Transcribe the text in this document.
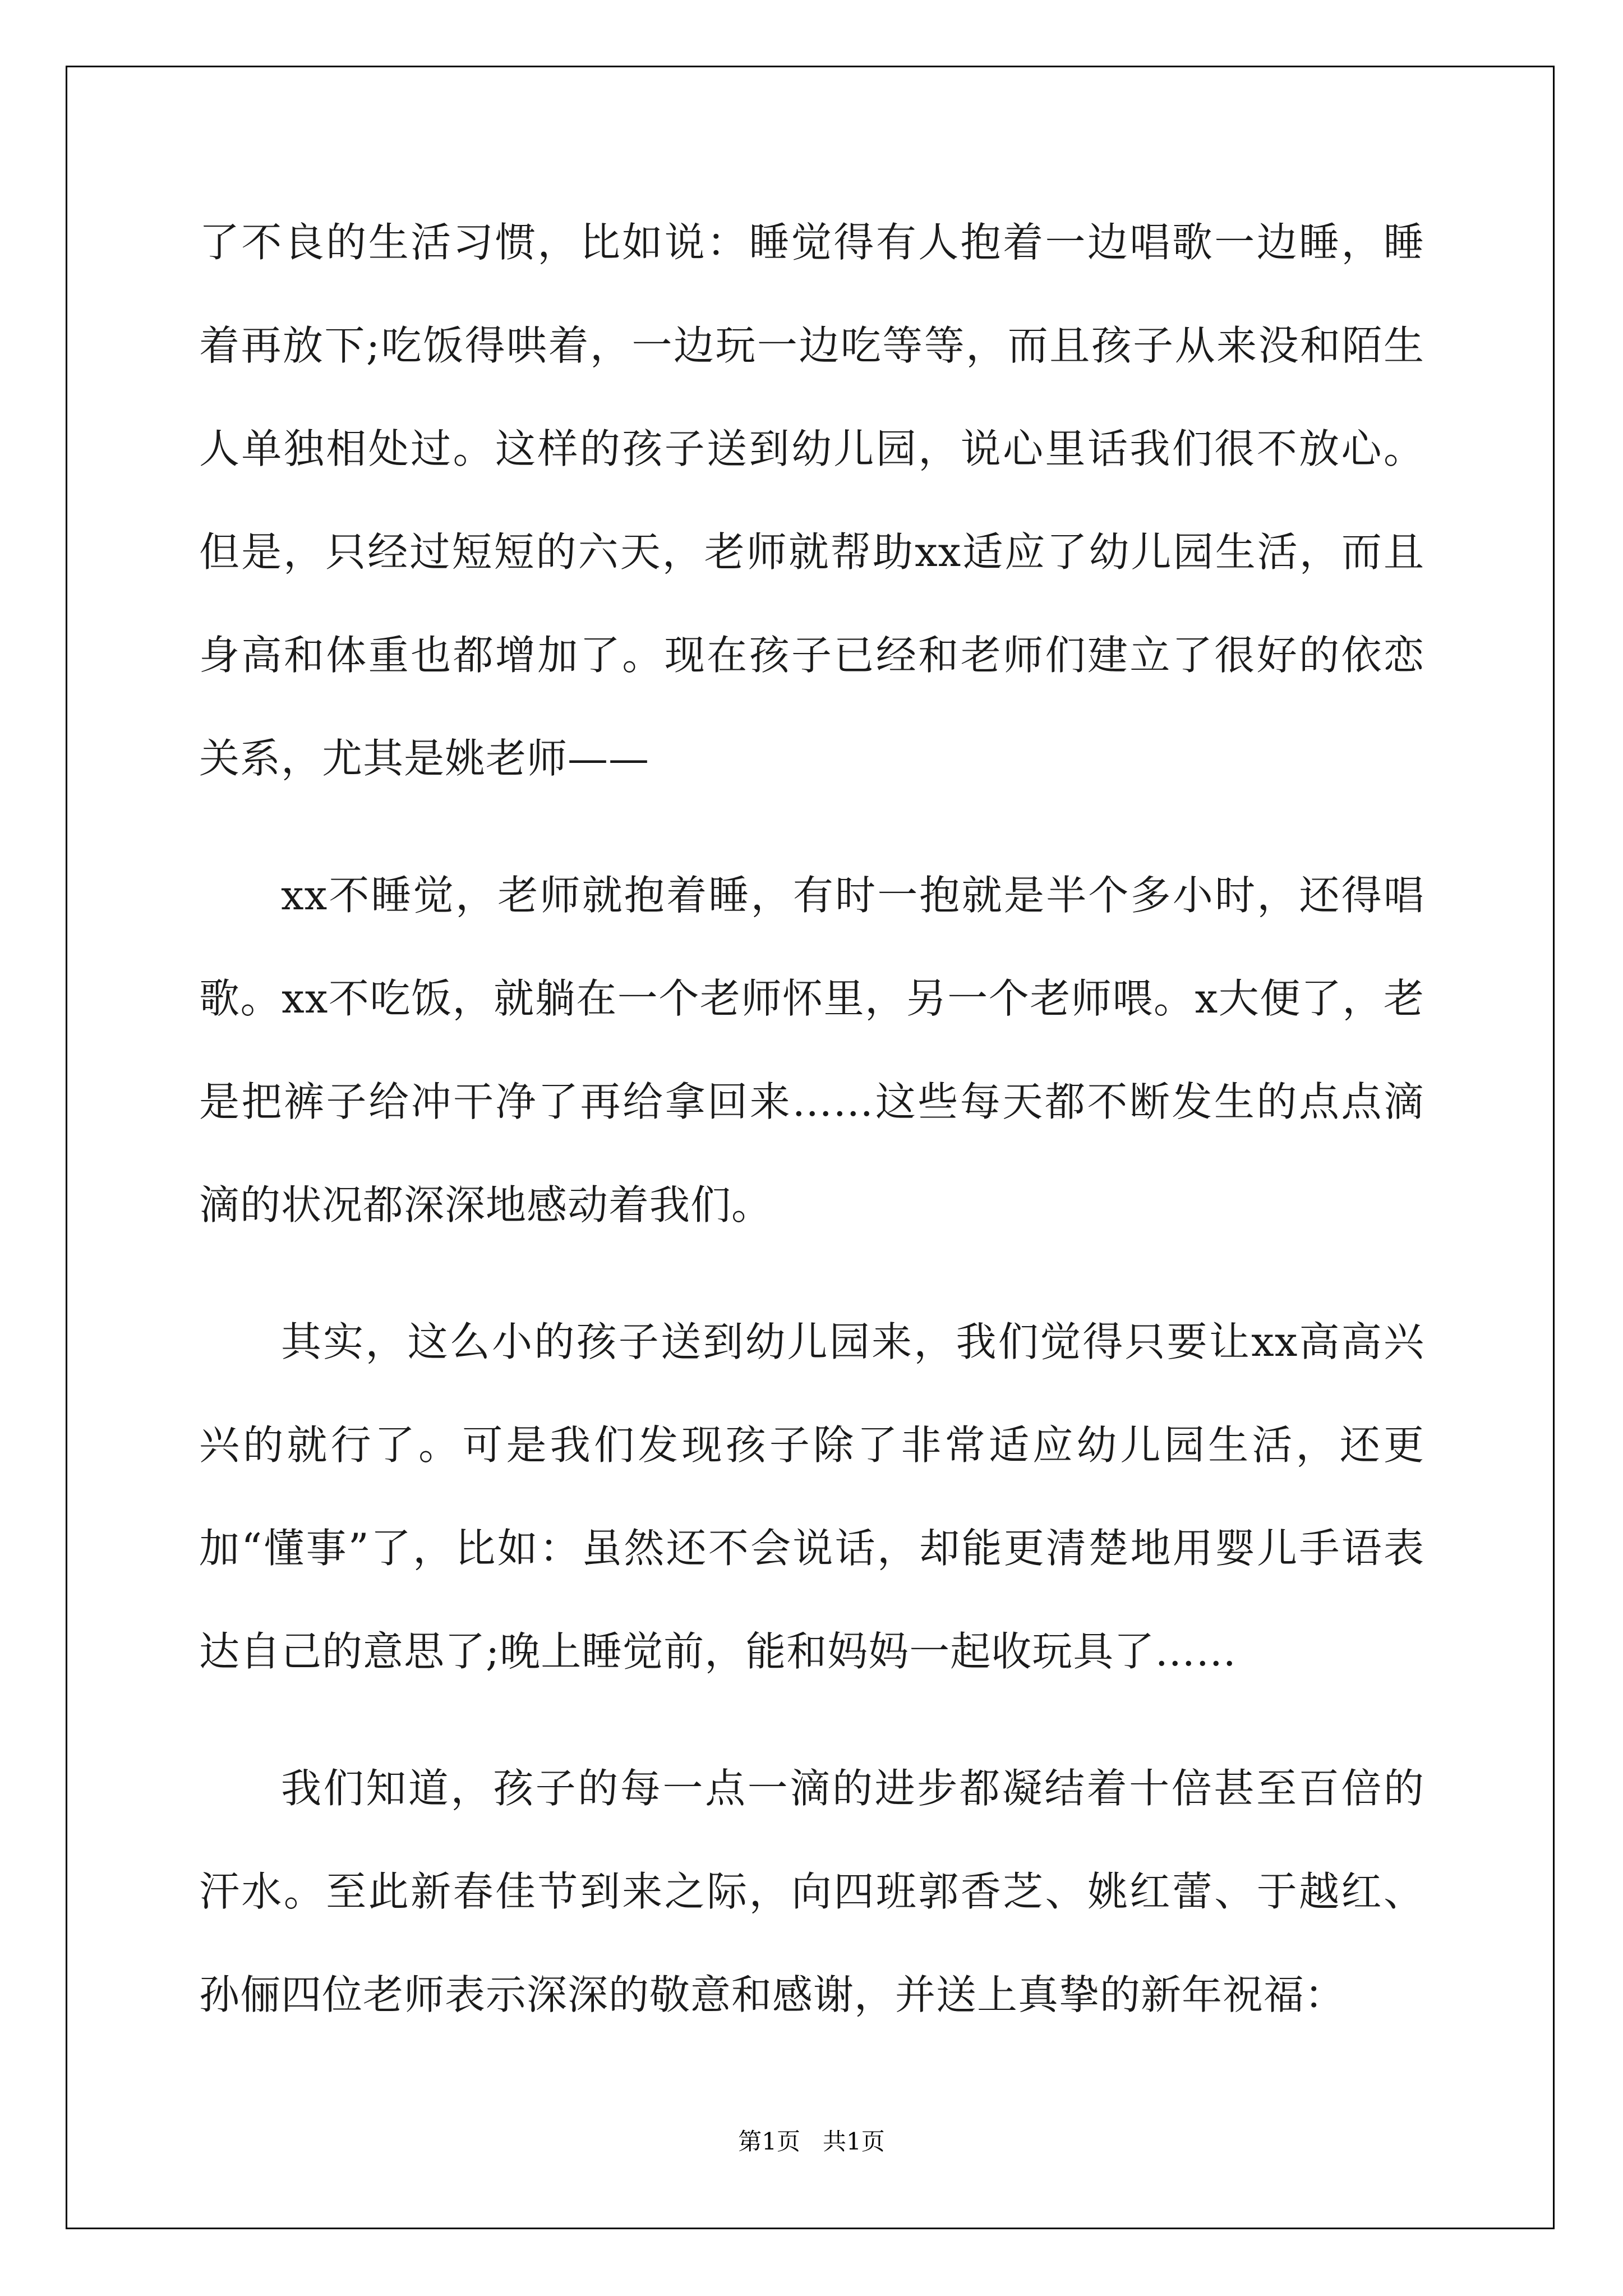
了不良的生活习惯，比如说：睡觉得有人抱着一边唱歌一边睡，睡着再放下;吃饭得哄着，一边玩一边吃等等，而且孩子从来没和陌生人单独相处过。这样的孩子送到幼儿园，说心里话我们很不放心。但是，只经过短短的六天，老师就帮助xx适应了幼儿园生活，而且身高和体重也都增加了。现在孩子已经和老师们建立了很好的依恋关系，尤其是姚老师——

xx不睡觉，老师就抱着睡，有时一抱就是半个多小时，还得唱歌。xx不吃饭，就躺在一个老师怀里，另一个老师喂。x大便了，老是把裤子给冲干净了再给拿回来……这些每天都不断发生的点点滴滴的状况都深深地感动着我们。

其实，这么小的孩子送到幼儿园来，我们觉得只要让xx高高兴兴的就行了。可是我们发现孩子除了非常适应幼儿园生活，还更加“懂事”了，比如：虽然还不会说话，却能更清楚地用婴儿手语表达自己的意思了;晚上睡觉前，能和妈妈一起收玩具了……

我们知道，孩子的每一点一滴的进步都凝结着十倍甚至百倍的汗水。至此新春佳节到来之际，向四班郭香芝、姚红蕾、于越红、孙俪四位老师表示深深的敬意和感谢，并送上真挚的新年祝福：

第1页   共1页
